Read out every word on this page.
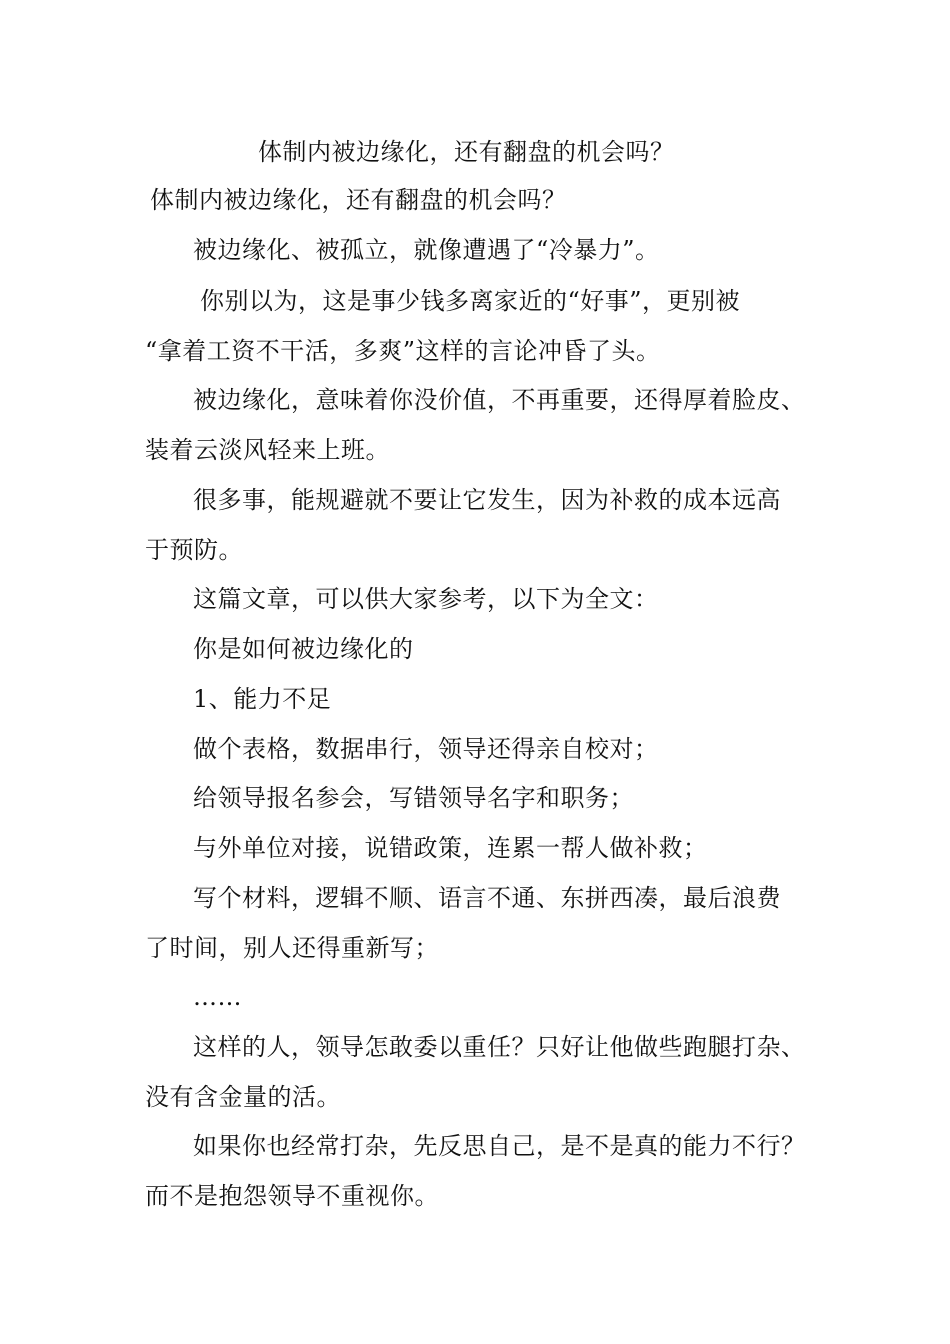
体制内被边缘化，还有翻盘的机会吗？
体制内被边缘化，还有翻盘的机会吗？
被边缘化、被孤立，就像遭遇了“冷暴力”。
你别以为，这是事少钱多离家近的“好事”，更别被
“拿着工资不干活，多爽”这样的言论冲昏了头。
被边缘化，意味着你没价值，不再重要，还得厚着脸皮、
装着云淡风轻来上班。
很多事，能规避就不要让它发生，因为补救的成本远高
于预防。
这篇文章，可以供大家参考，以下为全文：
你是如何被边缘化的
1、能力不足
做个表格，数据串行，领导还得亲自校对；
给领导报名参会，写错领导名字和职务；
与外单位对接，说错政策，连累一帮人做补救；
写个材料，逻辑不顺、语言不通、东拼西凑，最后浪费
了时间，别人还得重新写；
……
这样的人，领导怎敢委以重任？只好让他做些跑腿打杂、
没有含金量的活。
如果你也经常打杂，先反思自己，是不是真的能力不行？
而不是抱怨领导不重视你。
